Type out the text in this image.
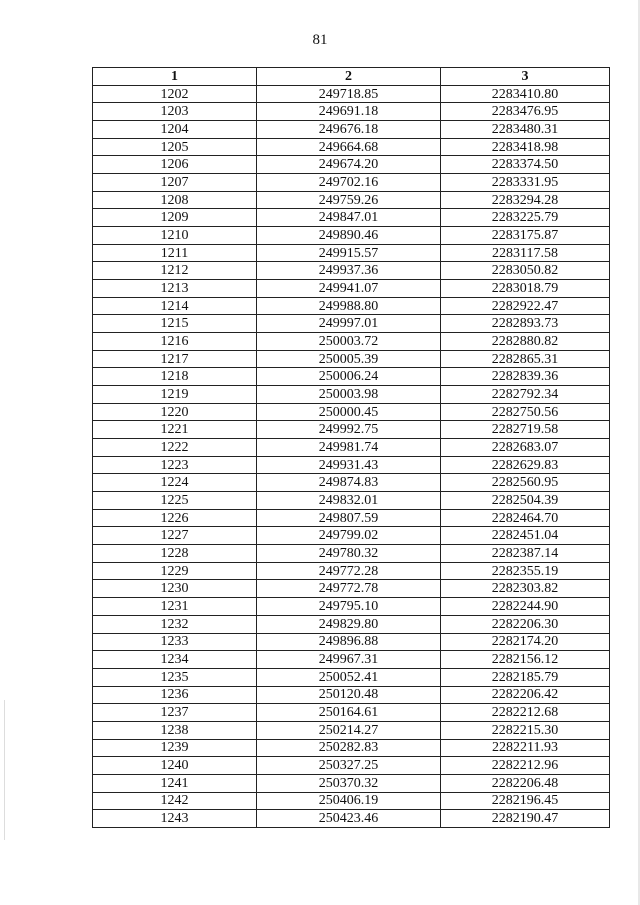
81
1	2	3
1202	249718.85	2283410.80
1203	249691.18	2283476.95
1204	249676.18	2283480.31
1205	249664.68	2283418.98
1206	249674.20	2283374.50
1207	249702.16	2283331.95
1208	249759.26	2283294.28
1209	249847.01	2283225.79
1210	249890.46	2283175.87
1211	249915.57	2283117.58
1212	249937.36	2283050.82
1213	249941.07	2283018.79
1214	249988.80	2282922.47
1215	249997.01	2282893.73
1216	250003.72	2282880.82
1217	250005.39	2282865.31
1218	250006.24	2282839.36
1219	250003.98	2282792.34
1220	250000.45	2282750.56
1221	249992.75	2282719.58
1222	249981.74	2282683.07
1223	249931.43	2282629.83
1224	249874.83	2282560.95
1225	249832.01	2282504.39
1226	249807.59	2282464.70
1227	249799.02	2282451.04
1228	249780.32	2282387.14
1229	249772.28	2282355.19
1230	249772.78	2282303.82
1231	249795.10	2282244.90
1232	249829.80	2282206.30
1233	249896.88	2282174.20
1234	249967.31	2282156.12
1235	250052.41	2282185.79
1236	250120.48	2282206.42
1237	250164.61	2282212.68
1238	250214.27	2282215.30
1239	250282.83	2282211.93
1240	250327.25	2282212.96
1241	250370.32	2282206.48
1242	250406.19	2282196.45
1243	250423.46	2282190.47
